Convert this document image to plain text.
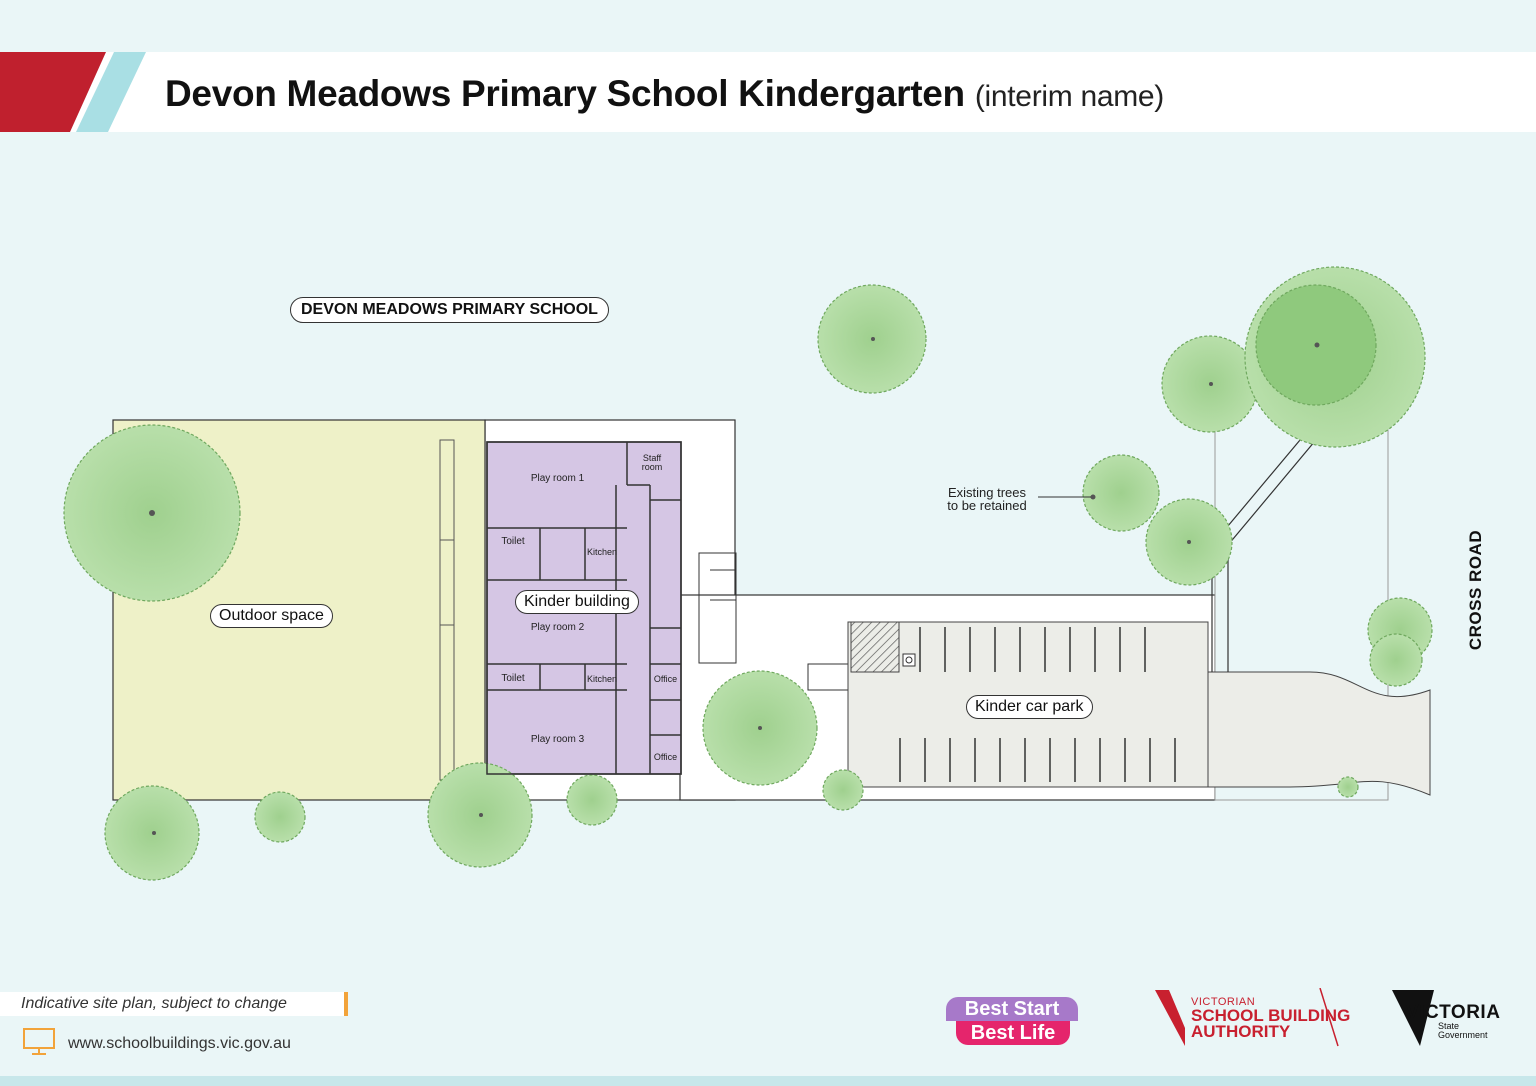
Devon Meadows Primary School Kindergarten (interim name)
DEVON MEADOWS PRIMARY SCHOOL
Outdoor space
Kinder building
Kinder car park
CROSS ROAD
Existing trees
to be retained
Play room 1
Play room 2
Play room 3
Staff
room
Toilet
Toilet
Kitchen
Kitchen	Office
Office
Indicative site plan, subject to change
www.schoolbuildings.vic.gov.au
Best Start
Best Life
VICTORIAN
SCHOOL BUILDING
AUTHORITY
VICTORIA
State
Government
